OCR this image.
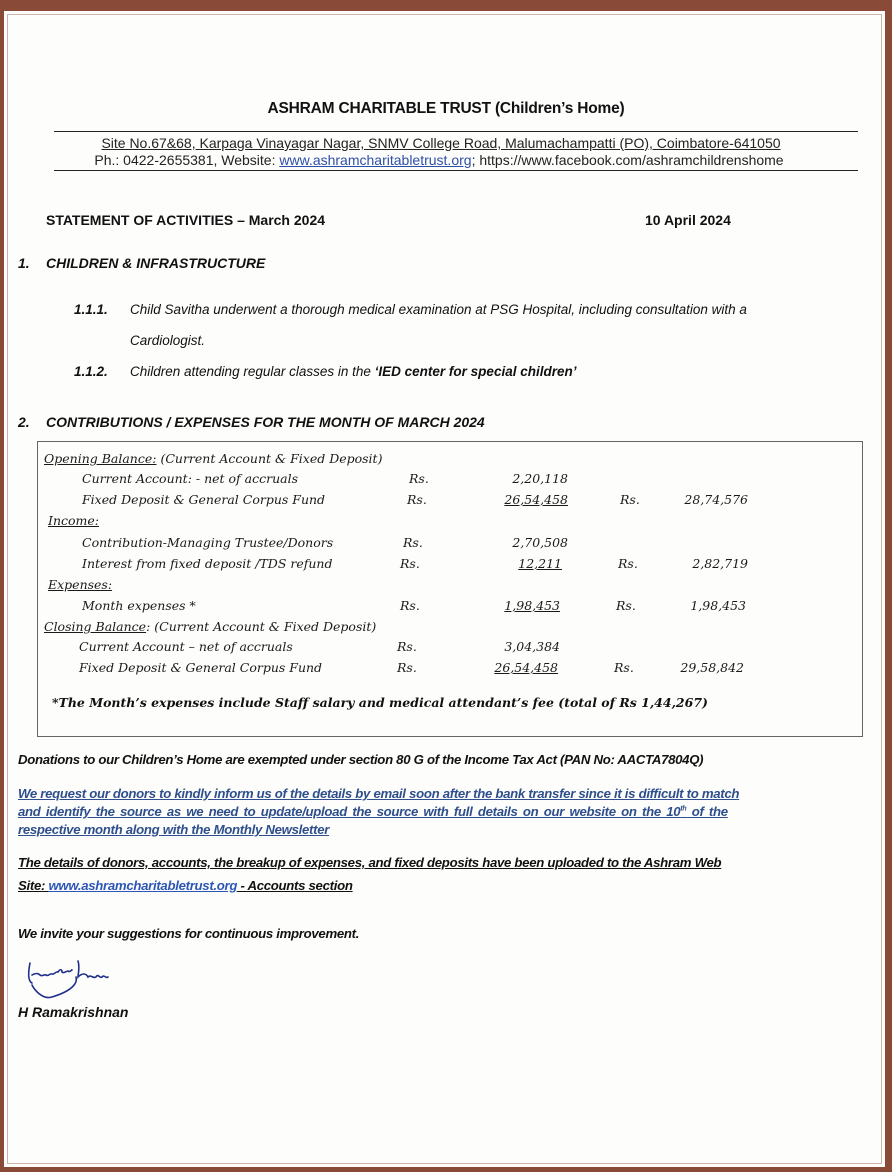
ASHRAM CHARITABLE TRUST (Children’s Home)
Site No.67&68, Karpaga Vinayagar Nagar, SNMV College Road, Malumachampatti (PO), Coimbatore-641050
Ph.: 0422-2655381, Website: www.ashramcharitabletrust.org; https://www.facebook.com/ashramchildrenshome
STATEMENT OF ACTIVITIES – March 2024	10 April 2024
1. CHILDREN & INFRASTRUCTURE
1.1.1. Child Savitha underwent a thorough medical examination at PSG Hospital, including consultation with a
Cardiologist.
1.1.2. Children attending regular classes in the ‘IED center for special children’
2. CONTRIBUTIONS / EXPENSES FOR THE MONTH OF MARCH 2024
Opening Balance: (Current Account & Fixed Deposit)
Current Account: - net of accruals	Rs.	2,20,118
Fixed Deposit & General Corpus Fund	Rs.	26,54,458	Rs.	28,74,576
Income:
Contribution-Managing Trustee/Donors	Rs.	2,70,508
Interest from fixed deposit /TDS refund	Rs.	12,211	Rs.	2,82,719
Expenses:
Month expenses *	Rs.	1,98,453	Rs.	1,98,453
Closing Balance: (Current Account & Fixed Deposit)
Current Account – net of accruals	Rs.	3,04,384
Fixed Deposit & General Corpus Fund	Rs.	26,54,458	Rs.	29,58,842
*The Month’s expenses include Staff salary and medical attendant’s fee (total of Rs 1,44,267)
Donations to our Children’s Home are exempted under section 80 G of the Income Tax Act (PAN No: AACTA7804Q)
We request our donors to kindly inform us of the details by email soon after the bank transfer since it is difficult to match
and identify the source as we need to update/upload the source with full details on our website on the 10th of the
respective month along with the Monthly Newsletter
The details of donors, accounts, the breakup of expenses, and fixed deposits have been uploaded to the Ashram Web
Site: www.ashramcharitabletrust.org - Accounts section
We invite your suggestions for continuous improvement.
H Ramakrishnan
